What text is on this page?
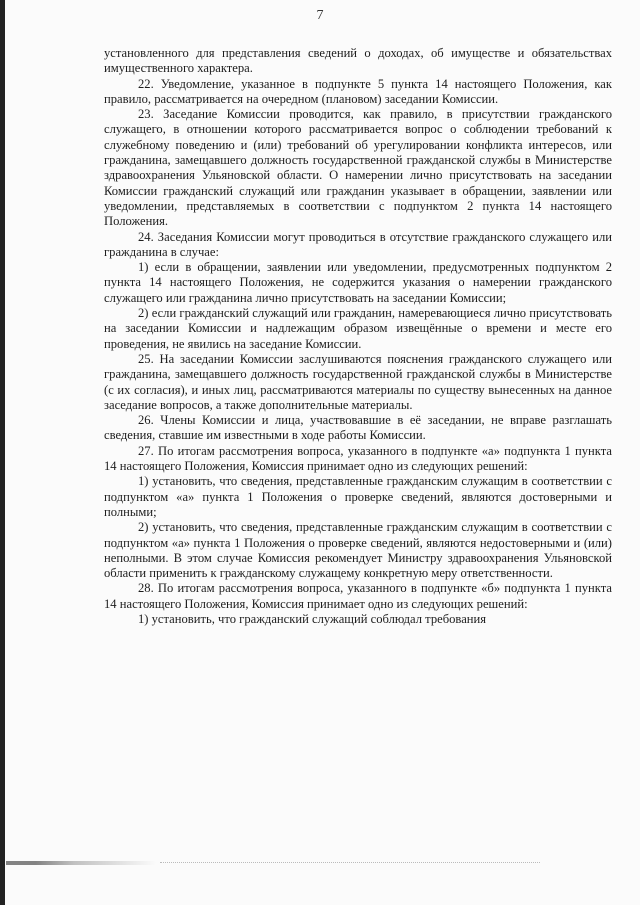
7

установленного для представления сведений о доходах, об имуществе и обязательствах имущественного характера.

22. Уведомление, указанное в подпункте 5 пункта 14 настоящего Положения, как правило, рассматривается на очередном (плановом) заседании Комиссии.

23. Заседание Комиссии проводится, как правило, в присутствии гражданского служащего, в отношении которого рассматривается вопрос о соблюдении требований к служебному поведению и (или) требований об урегулировании конфликта интересов, или гражданина, замещавшего должность государственной гражданской службы в Министерстве здравоохранения Ульяновской области. О намерении лично присутствовать на заседании Комиссии гражданский служащий или гражданин указывает в обращении, заявлении или уведомлении, представляемых в соответствии с подпунктом 2 пункта 14 настоящего Положения.

24. Заседания Комиссии могут проводиться в отсутствие гражданского служащего или гражданина в случае:

1) если в обращении, заявлении или уведомлении, предусмотренных подпунктом 2 пункта 14 настоящего Положения, не содержится указания о намерении гражданского служащего или гражданина лично присутствовать на заседании Комиссии;

2) если гражданский служащий или гражданин, намеревающиеся лично присутствовать на заседании Комиссии и надлежащим образом извещённые о времени и месте его проведения, не явились на заседание Комиссии.

25. На заседании Комиссии заслушиваются пояснения гражданского служащего или гражданина, замещавшего должность государственной гражданской службы в Министерстве (с их согласия), и иных лиц, рассматриваются материалы по существу вынесенных на данное заседание вопросов, а также дополнительные материалы.

26. Члены Комиссии и лица, участвовавшие в её заседании, не вправе разглашать сведения, ставшие им известными в ходе работы Комиссии.

27. По итогам рассмотрения вопроса, указанного в подпункте «а» подпункта 1 пункта 14 настоящего Положения, Комиссия принимает одно из следующих решений:

1) установить, что сведения, представленные гражданским служащим в соответствии с подпунктом «а» пункта 1 Положения о проверке сведений, являются достоверными и полными;

2) установить, что сведения, представленные гражданским служащим в соответствии с подпунктом «а» пункта 1 Положения о проверке сведений, являются недостоверными и (или) неполными. В этом случае Комиссия рекомендует Министру здравоохранения Ульяновской области применить к гражданскому служащему конкретную меру ответственности.

28. По итогам рассмотрения вопроса, указанного в подпункте «б» подпункта 1 пункта 14 настоящего Положения, Комиссия принимает одно из следующих решений:

1) установить, что гражданский служащий соблюдал требования
